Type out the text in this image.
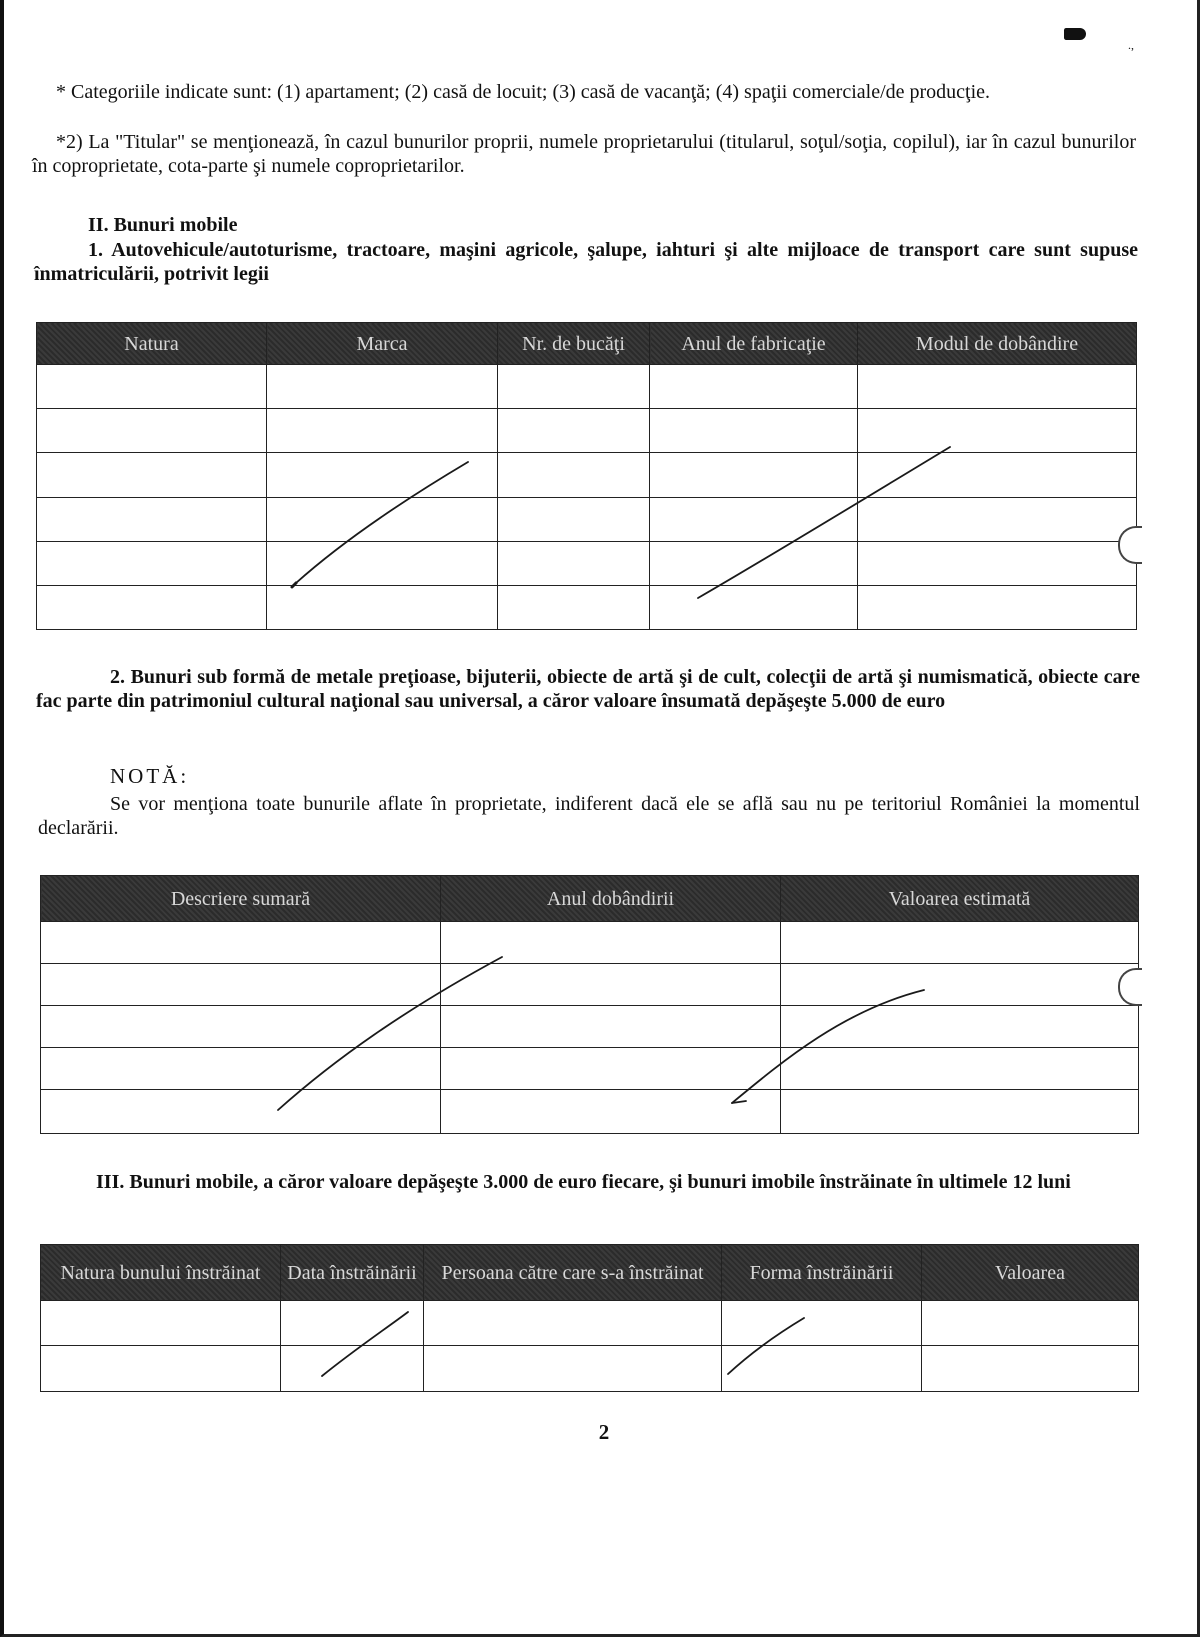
.,
* Categoriile indicate sunt: (1) apartament; (2) casă de locuit; (3) casă de vacanţă; (4) spaţii comerciale/de producţie.
*2) La "Titular" se menţionează, în cazul bunurilor proprii, numele proprietarului (titularul, soţul/soţia, copilul), iar în cazul bunurilor în coproprietate, cota-parte şi numele coproprietarilor.
II. Bunuri mobile
1. Autovehicule/autoturisme, tractoare, maşini agricole, şalupe, iahturi şi alte mijloace de transport care sunt supuse înmatriculării, potrivit legii
Natura	Marca	Nr. de bucăţi	Anul de fabricaţie	Modul de dobândire

2. Bunuri sub formă de metale preţioase, bijuterii, obiecte de artă şi de cult, colecţii de artă şi numismatică, obiecte care fac parte din patrimoniul cultural naţional sau universal, a căror valoare însumată depăşeşte 5.000 de euro
NOTĂ:
Se vor menţiona toate bunurile aflate în proprietate, indiferent dacă ele se află sau nu pe teritoriul României la momentul declarării.
Descriere sumară	Anul dobândirii	Valoarea estimată

III. Bunuri mobile, a căror valoare depăşeşte 3.000 de euro fiecare, şi bunuri imobile înstrăinate în ultimele 12 luni
Natura bunului înstrăinat	Data înstrăinării	Persoana către care s-a înstrăinat	Forma înstrăinării	Valoarea

2
